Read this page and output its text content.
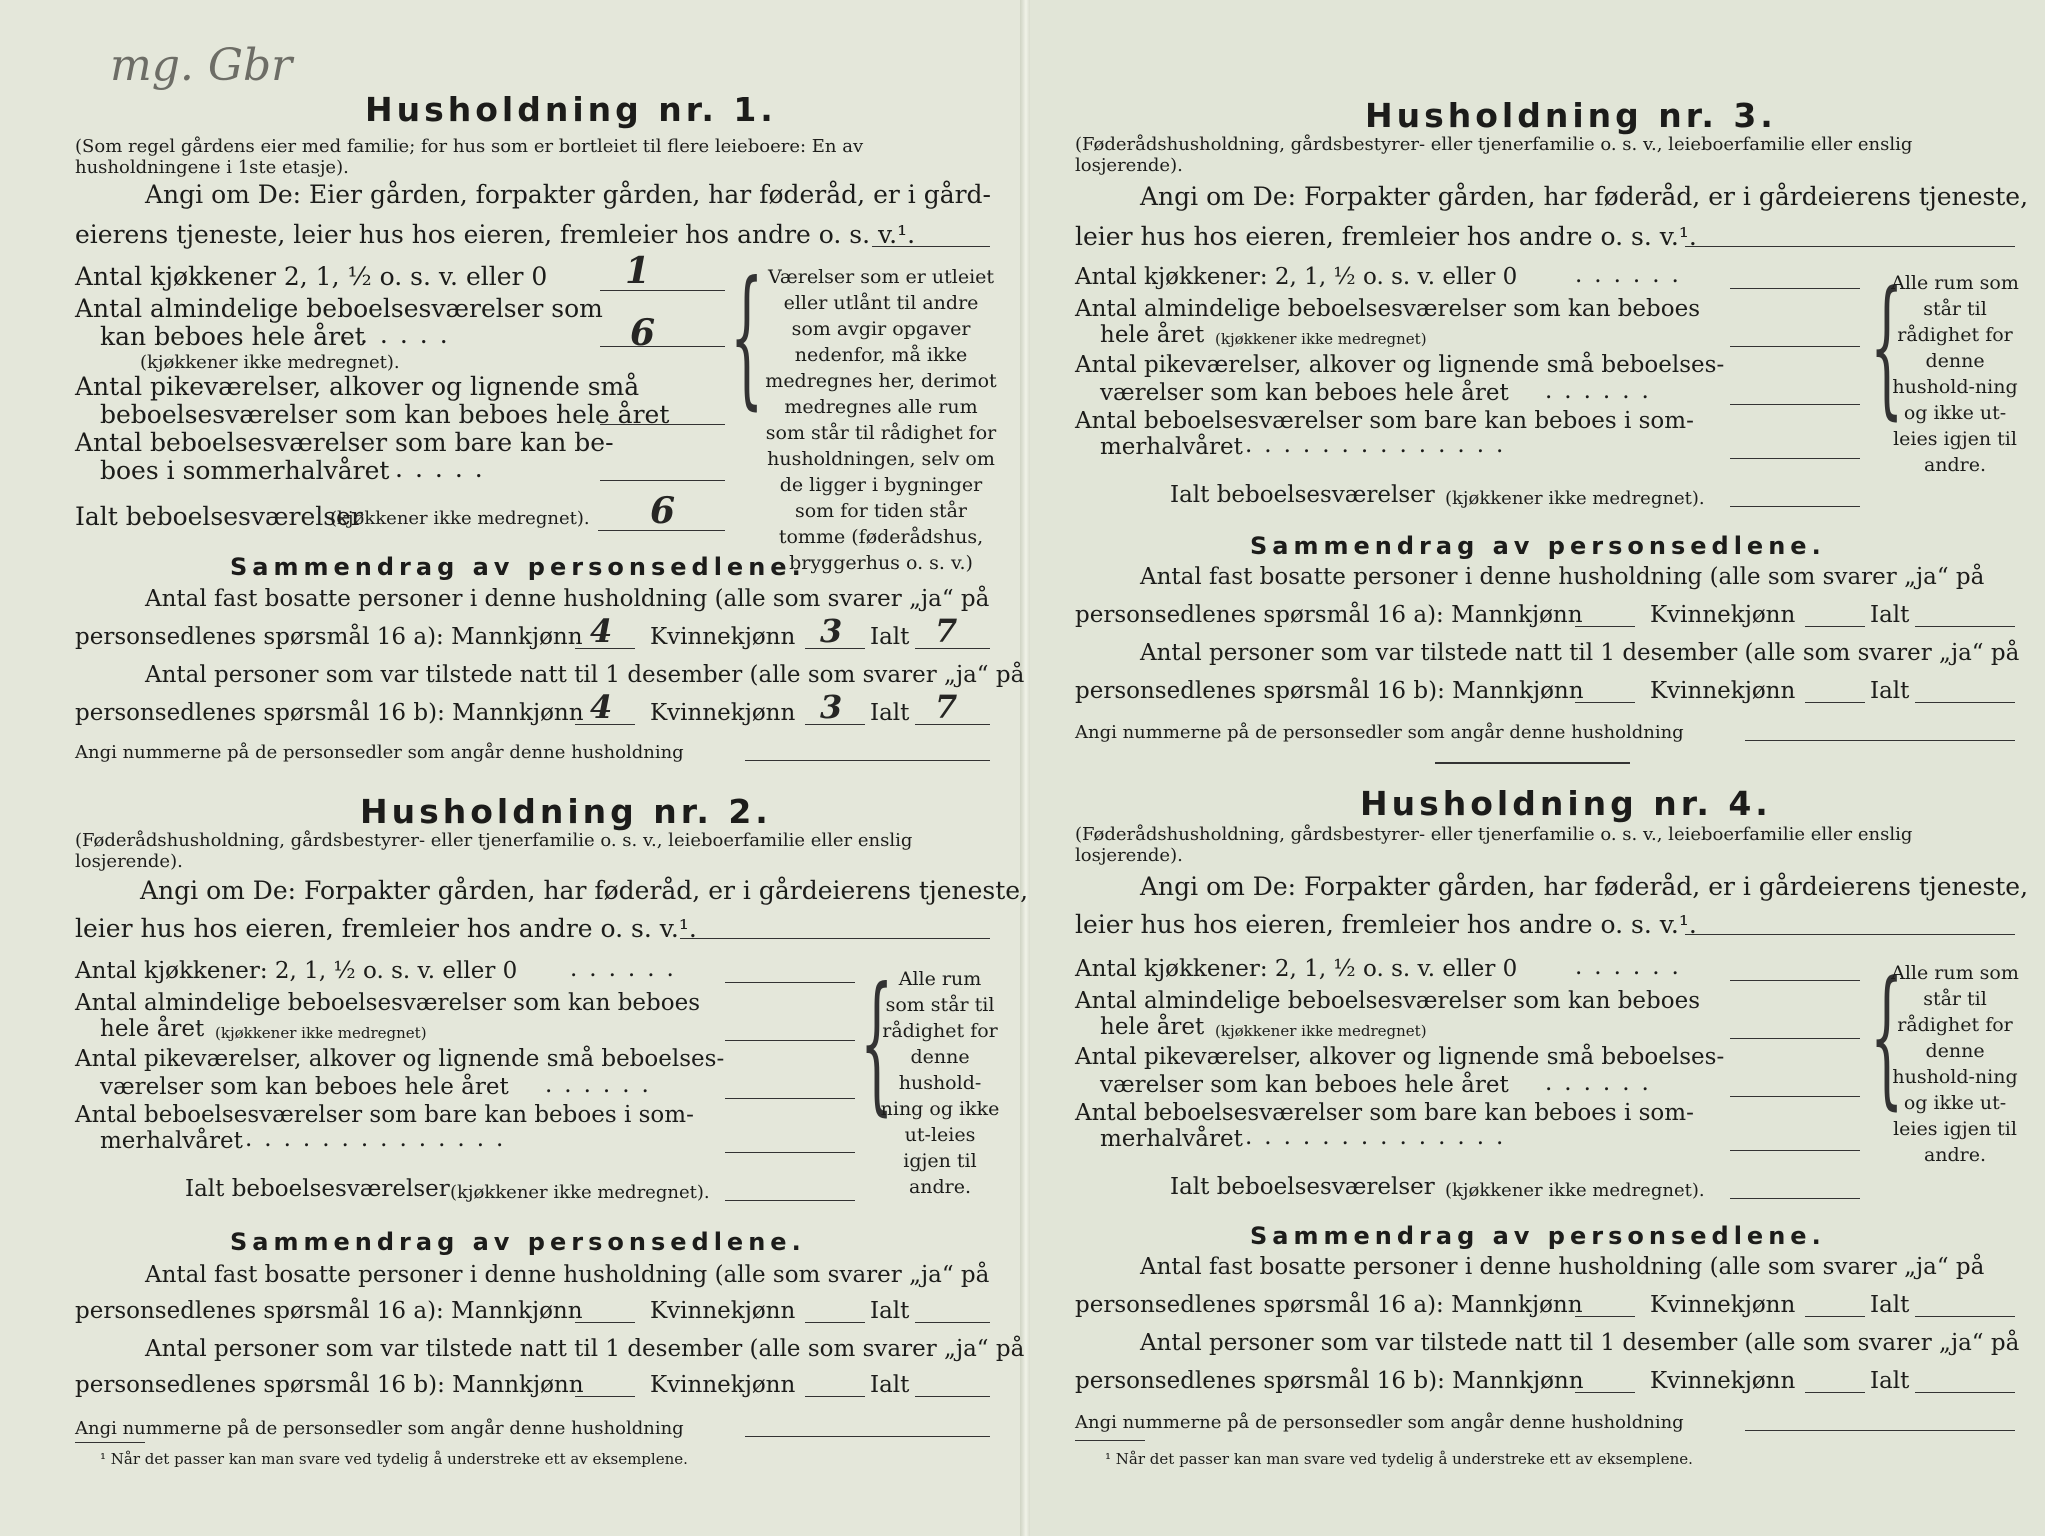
mg. Gbr
Husholdning nr. 1.
(Som regel gårdens eier med familie; for hus som er bortleiet til flere leieboere: En av husholdningene i 1ste etasje).
Angi om De: Eier gården, forpakter gården, har føderåd, er i gård-
eierens tjeneste, leier hus hos eieren, fremleier hos andre o. s. v.¹.
Antal kjøkkener 2, 1, ½ o. s. v. eller 0 1
Antal almindelige beboelsesværelser som
kan beboes hele året
......	6
(kjøkkener ikke medregnet).
Antal pikeværelser, alkover og lignende små
beboelsesværelser som kan beboes hele året
Antal beboelsesværelser som bare kan be-
boes i sommerhalvåret .....
Ialt beboelsesværelser
(kjøkkener ikke medregnet). 6
{ Værelser som er utleiet eller utlånt til andre som avgir opgaver nedenfor, må ikke medregnes her, derimot medregnes alle rum som står til rådighet for husholdningen, selv om de ligger i bygninger som for tiden står tomme (føderådshus, bryggerhus o. s. v.)
Sammendrag av personsedlene.
Antal fast bosatte personer i denne husholdning (alle som svarer „ja“ på
personsedlenes spørsmål 16 a): Mannkjønn 4 Kvinnekjønn 3 Ialt 7
Antal personer som var tilstede natt til 1 desember (alle som svarer „ja“ på
personsedlenes spørsmål 16 b): Mannkjønn 4 Kvinnekjønn 3 Ialt 7
Angi nummerne på de personsedler som angår denne husholdning
Husholdning nr. 2.
(Føderådshusholdning, gårdsbestyrer- eller tjenerfamilie o. s. v., leieboerfamilie eller enslig losjerende).
Angi om De: Forpakter gården, har føderåd, er i gårdeierens tjeneste,
leier hus hos eieren, fremleier hos andre o. s. v.¹.
Antal kjøkkener: 2, 1, ½ o. s. v. eller 0 ......
Antal almindelige beboelsesværelser som kan beboes
hele året (kjøkkener ikke medregnet)
Antal pikeværelser, alkover og lignende små beboelses-
værelser som kan beboes hele året ......
Antal beboelsesværelser som bare kan beboes i som-
merhalvåret ..............
Ialt beboelsesværelser (kjøkkener ikke medregnet).
{ Alle rum som står til rådighet for denne hushold-ning og ikke ut-leies igjen til andre.
Sammendrag av personsedlene.
Antal fast bosatte personer i denne husholdning (alle som svarer „ja“ på
personsedlenes spørsmål 16 a): Mannkjønn	Kvinnekjønn	Ialt
Antal personer som var tilstede natt til 1 desember (alle som svarer „ja“ på
personsedlenes spørsmål 16 b): Mannkjønn	Kvinnekjønn	Ialt
Angi nummerne på de personsedler som angår denne husholdning
¹ Når det passer kan man svare ved tydelig å understreke ett av eksemplene.
Husholdning nr. 3.
(Føderådshusholdning, gårdsbestyrer- eller tjenerfamilie o. s. v., leieboerfamilie eller enslig losjerende).
Angi om De: Forpakter gården, har føderåd, er i gårdeierens tjeneste,
leier hus hos eieren, fremleier hos andre o. s. v.¹.
Antal kjøkkener: 2, 1, ½ o. s. v. eller 0	......
Antal almindelige beboelsesværelser som kan beboes
hele året (kjøkkener ikke medregnet)
Antal pikeværelser, alkover og lignende små beboelses-
værelser som kan beboes hele året ......
Antal beboelsesværelser som bare kan beboes i som-
merhalvåret ..............
Ialt beboelsesværelser (kjøkkener ikke medregnet).
{
Alle rum som står til rådighet for denne hushold-ning og ikke ut-leies igjen til andre.
Sammendrag av personsedlene.
Antal fast bosatte personer i denne husholdning (alle som svarer „ja“ på
personsedlenes spørsmål 16 a): Mannkjønn	Kvinnekjønn	Ialt
Antal personer som var tilstede natt til 1 desember (alle som svarer „ja“ på
personsedlenes spørsmål 16 b): Mannkjønn	Kvinnekjønn	Ialt
Angi nummerne på de personsedler som angår denne husholdning
Husholdning nr. 4.
(Føderådshusholdning, gårdsbestyrer- eller tjenerfamilie o. s. v., leieboerfamilie eller enslig losjerende).
Angi om De: Forpakter gården, har føderåd, er i gårdeierens tjeneste,
leier hus hos eieren, fremleier hos andre o. s. v.¹.
Antal kjøkkener: 2, 1, ½ o. s. v. eller 0	......
Antal almindelige beboelsesværelser som kan beboes
hele året (kjøkkener ikke medregnet)
Antal pikeværelser, alkover og lignende små beboelses-
værelser som kan beboes hele året ......
Antal beboelsesværelser som bare kan beboes i som-
merhalvåret ..............
Ialt beboelsesværelser (kjøkkener ikke medregnet).
{
Alle rum som står til rådighet for denne hushold-ning og ikke ut-leies igjen til andre.
Sammendrag av personsedlene.
Antal fast bosatte personer i denne husholdning (alle som svarer „ja“ på
personsedlenes spørsmål 16 a): Mannkjønn	Kvinnekjønn	Ialt
Antal personer som var tilstede natt til 1 desember (alle som svarer „ja“ på
personsedlenes spørsmål 16 b): Mannkjønn	Kvinnekjønn	Ialt
Angi nummerne på de personsedler som angår denne husholdning
¹ Når det passer kan man svare ved tydelig å understreke ett av eksemplene.
